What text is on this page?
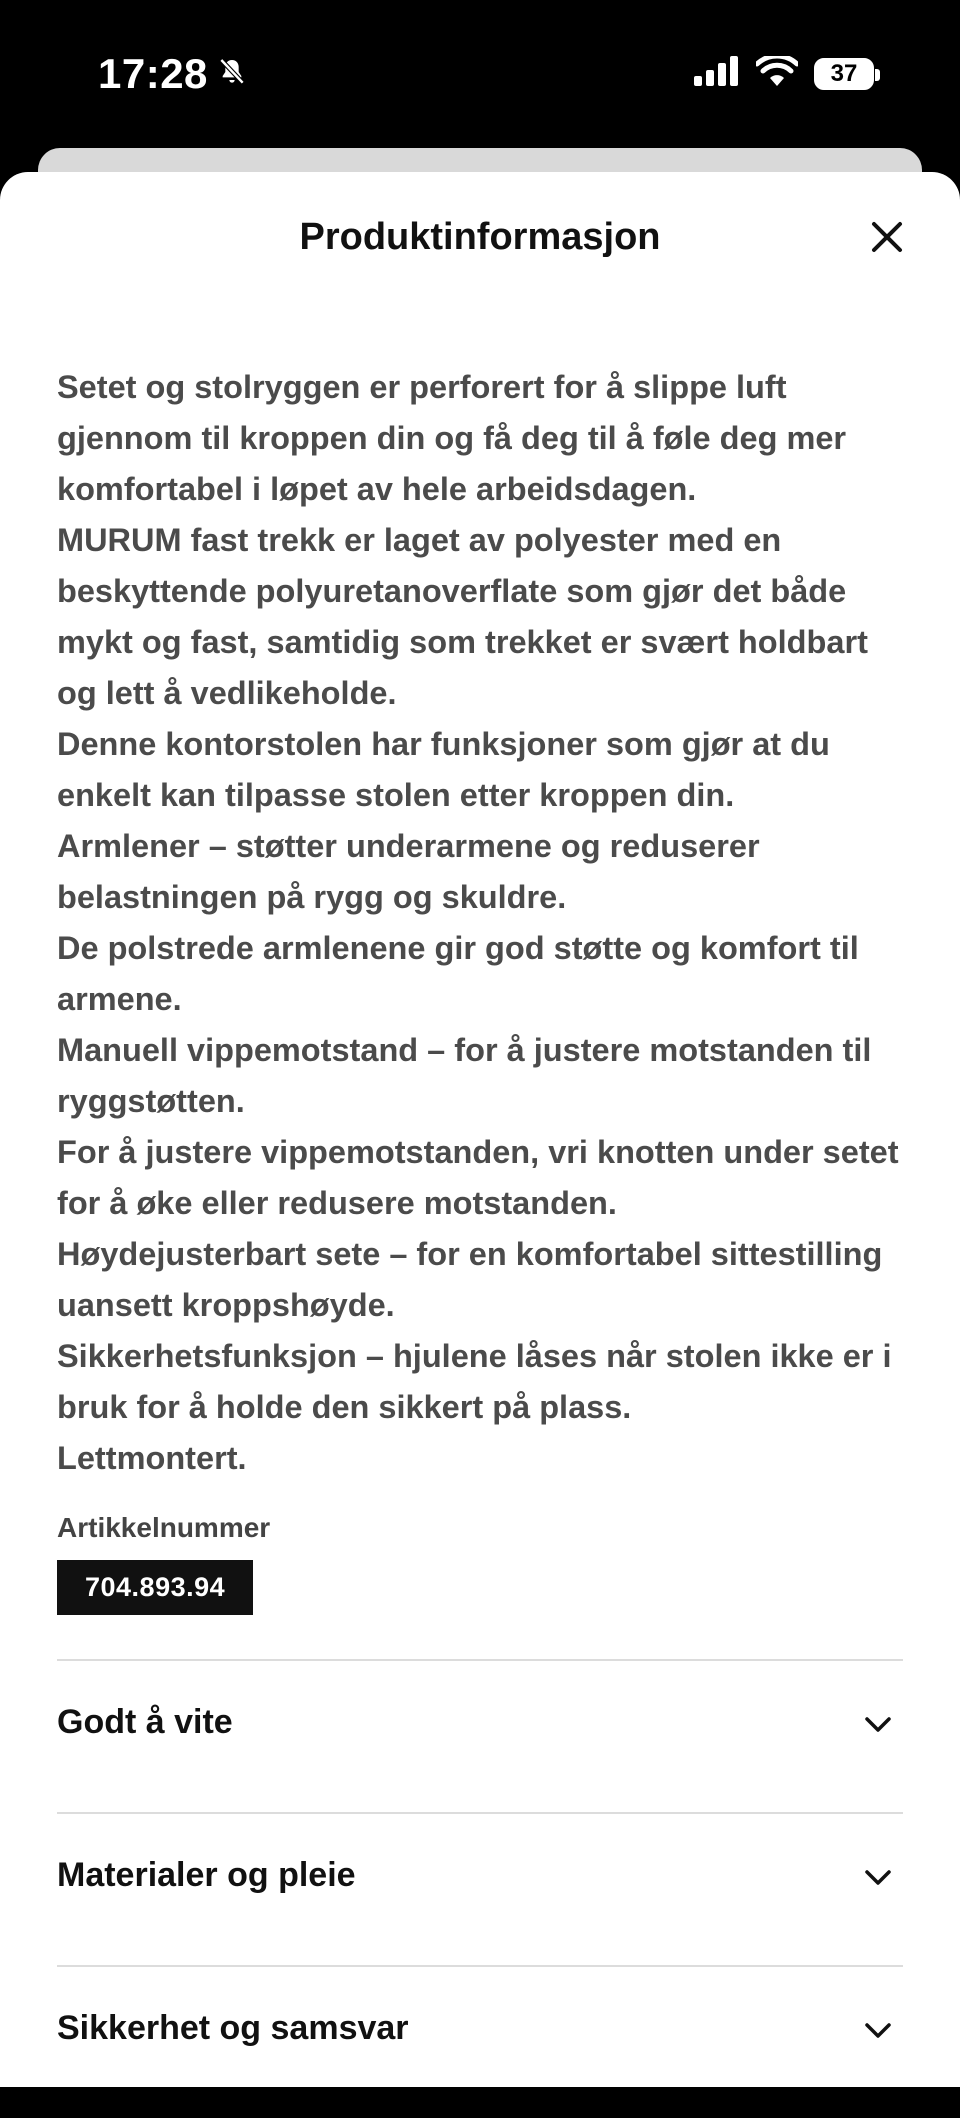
17:28	37
Produktinformasjon

Setet og stolryggen er perforert for å slippe luft gjennom til kroppen din og få deg til å føle deg mer komfortabel i løpet av hele arbeidsdagen.
MURUM fast trekk er laget av polyester med en beskyttende polyuretanoverflate som gjør det både mykt og fast, samtidig som trekket er svært holdbart og lett å vedlikeholde.
Denne kontorstolen har funksjoner som gjør at du enkelt kan tilpasse stolen etter kroppen din.
Armlener – støtter underarmene og reduserer belastningen på rygg og skuldre.
De polstrede armlenene gir god støtte og komfort til armene.
Manuell vippemotstand – for å justere motstanden til ryggstøtten.
For å justere vippemotstanden, vri knotten under setet for å øke eller redusere motstanden.
Høydejusterbart sete – for en komfortabel sittestilling uansett kroppshøyde.
Sikkerhetsfunksjon – hjulene låses når stolen ikke er i bruk for å holde den sikkert på plass.
Lettmontert.

Artikkelnummer
704.893.94
Godt å vite
Materialer og pleie
Sikkerhet og samsvar
